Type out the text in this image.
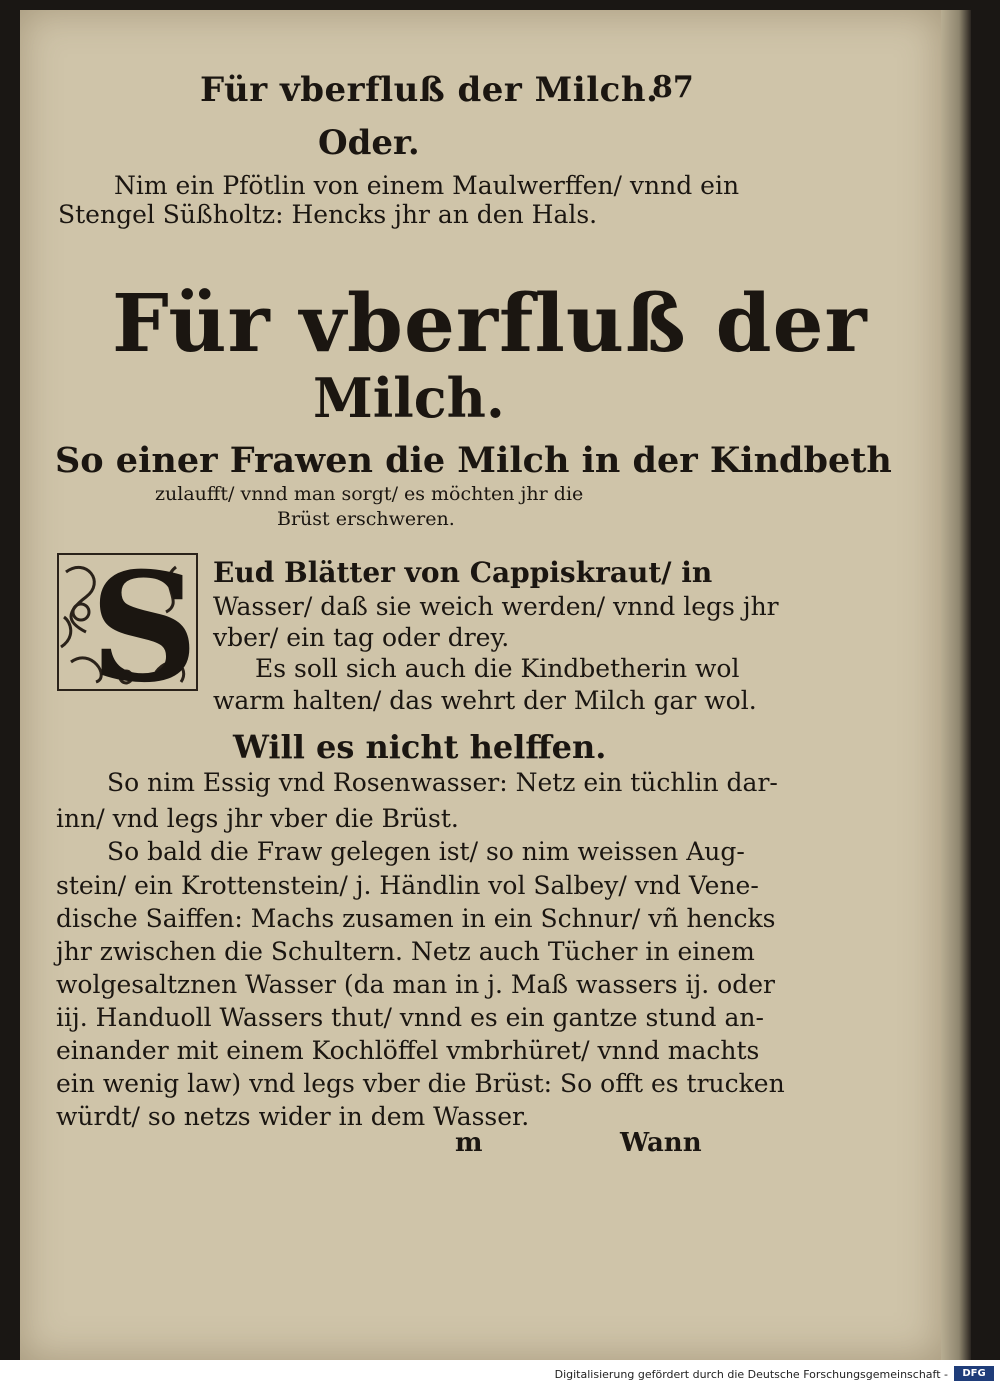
Für vberfluß der Milch.
87
Oder.
Nim ein Pfötlin von einem Maulwerffen/ vnnd ein
Stengel Süßholtz: Hencks jhr an den Hals.
Für vberfluß der
Milch.
So einer Frawen die Milch in der Kindbeth
zulaufft/ vnnd man sorgt/ es möchten jhr die
Brüst erschweren.
S Eud Blätter von Cappiskraut/ in
Wasser/ daß sie weich werden/ vnnd legs jhr
vber/ ein tag oder drey.
Es soll sich auch die Kindbetherin wol
warm halten/ das wehrt der Milch gar wol.
Will es nicht helffen.
So nim Essig vnd Rosenwasser: Netz ein tüchlin dar-
inn/ vnd legs jhr vber die Brüst.
So bald die Fraw gelegen ist/ so nim weissen Aug-
stein/ ein Krottenstein/ j. Händlin vol Salbey/ vnd Vene-
dische Saiffen: Machs zusamen in ein Schnur/ vñ hencks
jhr zwischen die Schultern. Netz auch Tücher in einem
wolgesaltznen Wasser (da man in j. Maß wassers ij. oder
iij. Handuoll Wassers thut/ vnnd es ein gantze stund an-
einander mit einem Kochlöffel vmbrhüret/ vnnd machts
ein wenig law) vnd legs vber die Brüst: So offt es trucken
würdt/ so netzs wider in dem Wasser.
m	Wann
Digitalisierung gefördert durch die Deutsche Forschungsgemeinschaft -	DFG
